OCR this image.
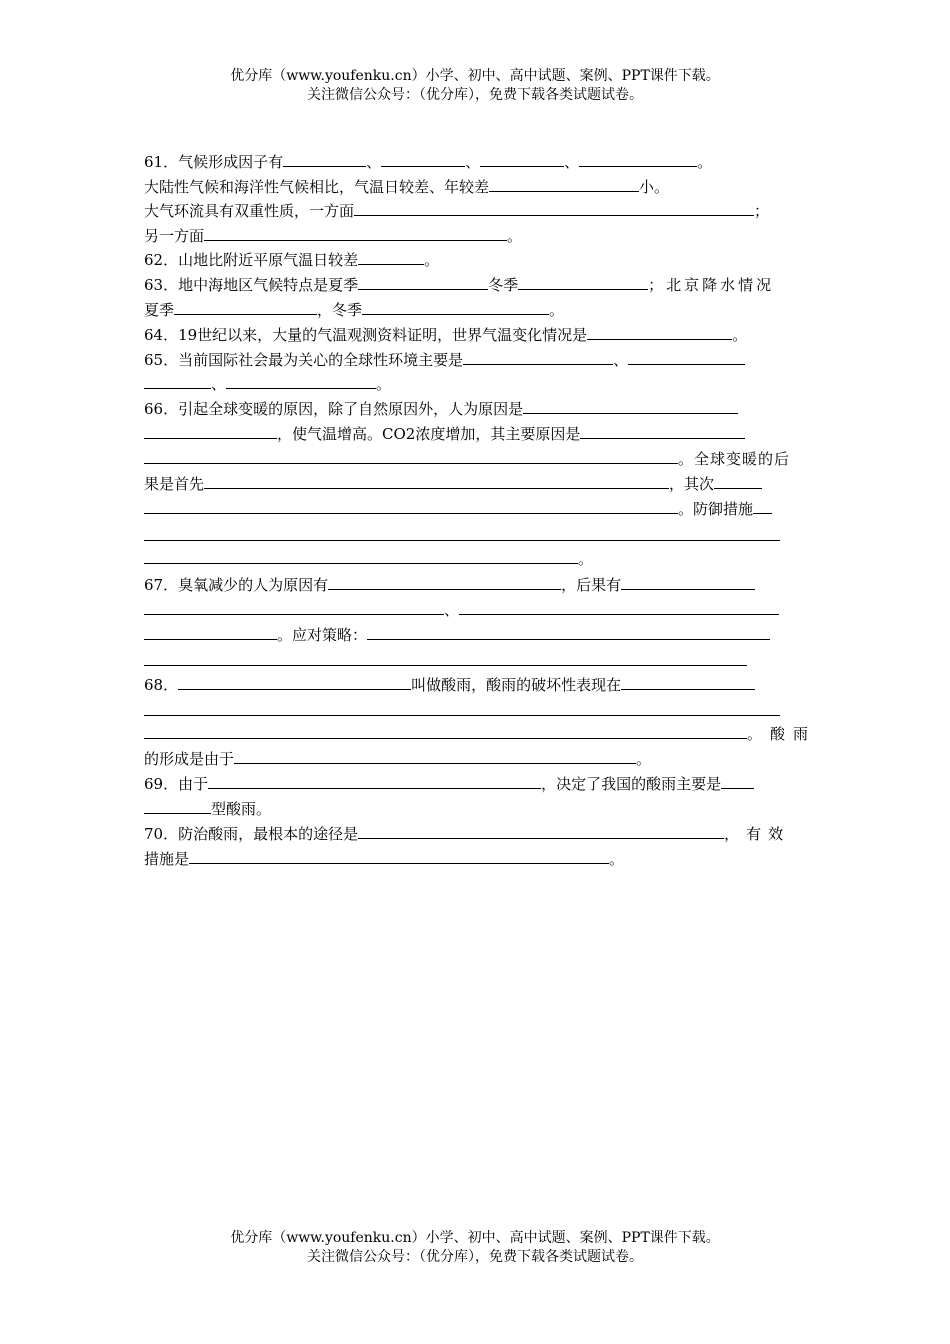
优分库（www.youfenku.cn）小学、初中、高中试题、案例、PPT课件下载。
关注微信公众号：（优分库），免费下载各类试题试卷。
61．气候形成因子有	、	、	、	。
大陆性气候和海洋性气候相比，气温日较差、年较差	小。
大气环流具有双重性质，一方面	；
另一方面	。
62．山地比附近平原气温日较差	。
63．地中海地区气候特点是夏季	冬季	；北京降水情况
夏季	，冬季	。
64．19世纪以来，大量的气温观测资料证明，世界气温变化情况是	。
65．当前国际社会最为关心的全球性环境主要是	、
、	。
66．引起全球变暖的原因，除了自然原因外，人为原因是
，使气温增高。CO2浓度增加，其主要原因是
。全球变暖的后
果是首先	，其次
。防御措施
。
67．臭氧减少的人为原因有	，后果有
、
。应对策略：
68．	叫做酸雨，酸雨的破坏性表现在
。酸雨
的形成是由于	。
69．由于	，决定了我国的酸雨主要是
型酸雨。
70．防治酸雨，最根本的途径是	，有效
措施是	。
优分库（www.youfenku.cn）小学、初中、高中试题、案例、PPT课件下载。
关注微信公众号：（优分库），免费下载各类试题试卷。
